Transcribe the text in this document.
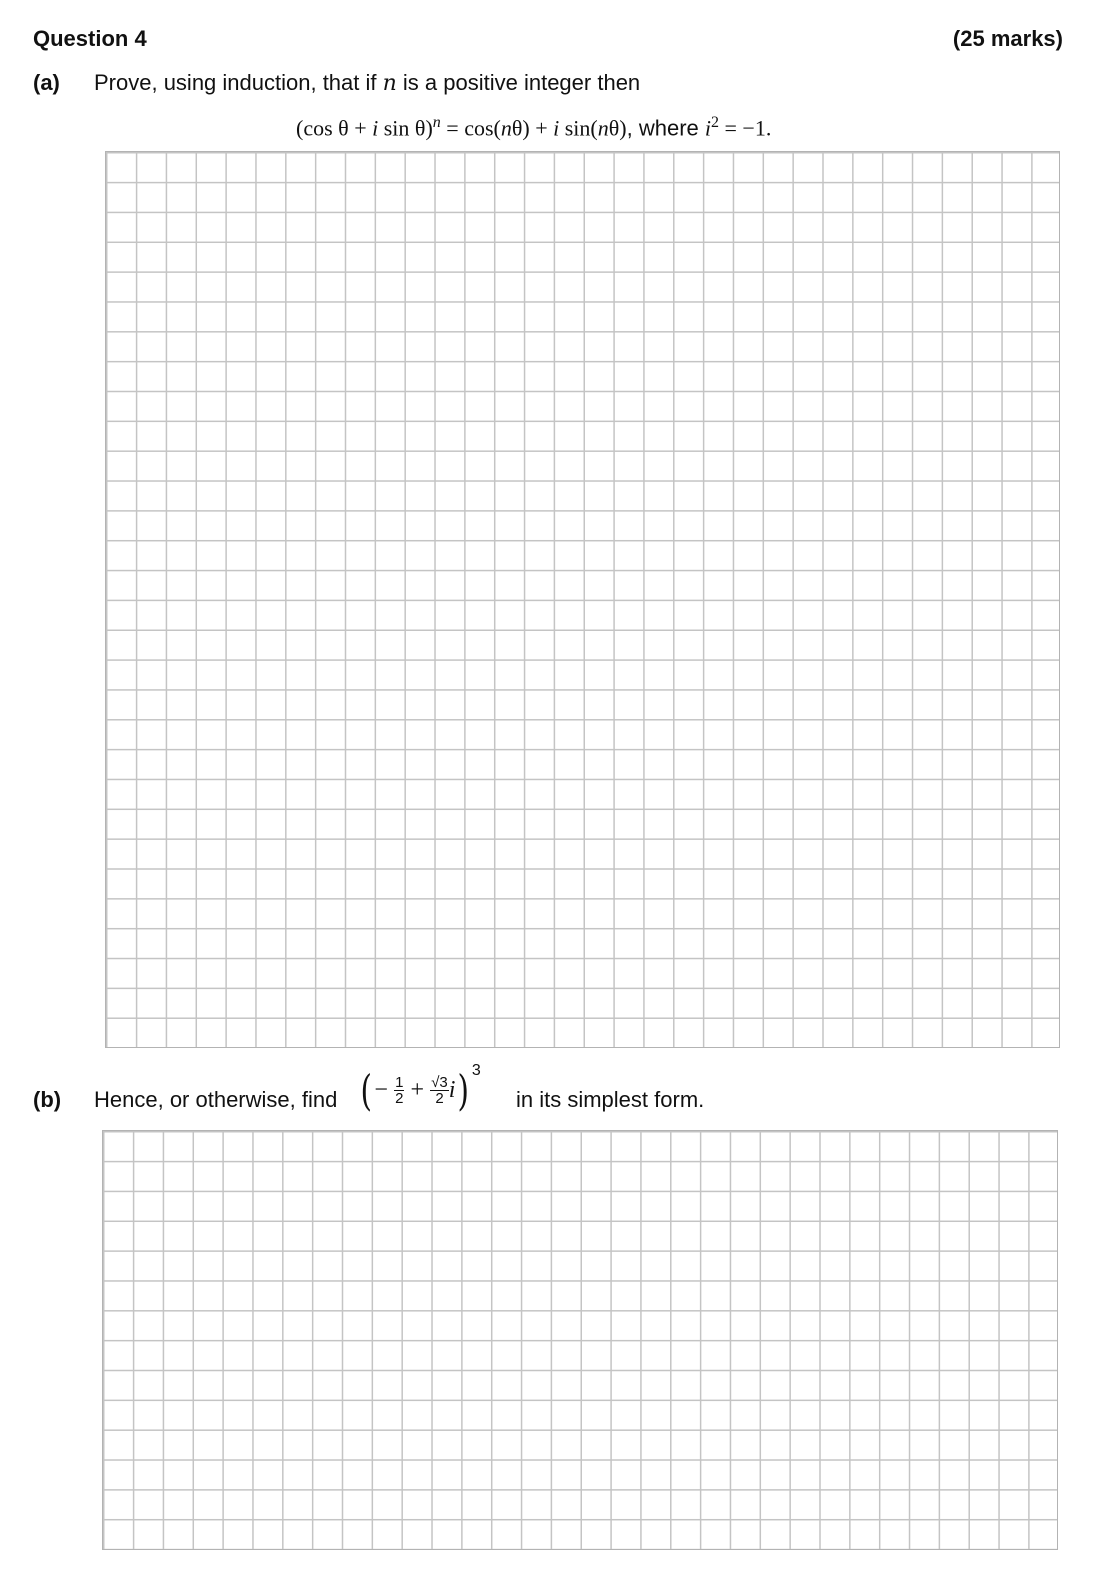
Question 4	(25 marks)
(a) Prove, using induction, that if n is a positive integer then
(cos θ + i sin θ)$^n$ = cos(nθ) + i sin(nθ), where $i^2 = -1$.
(b) Hence, or otherwise, find ( − $\frac{1}{2} + \frac{√3}{2} i$) $^3$
in its simplest form.
